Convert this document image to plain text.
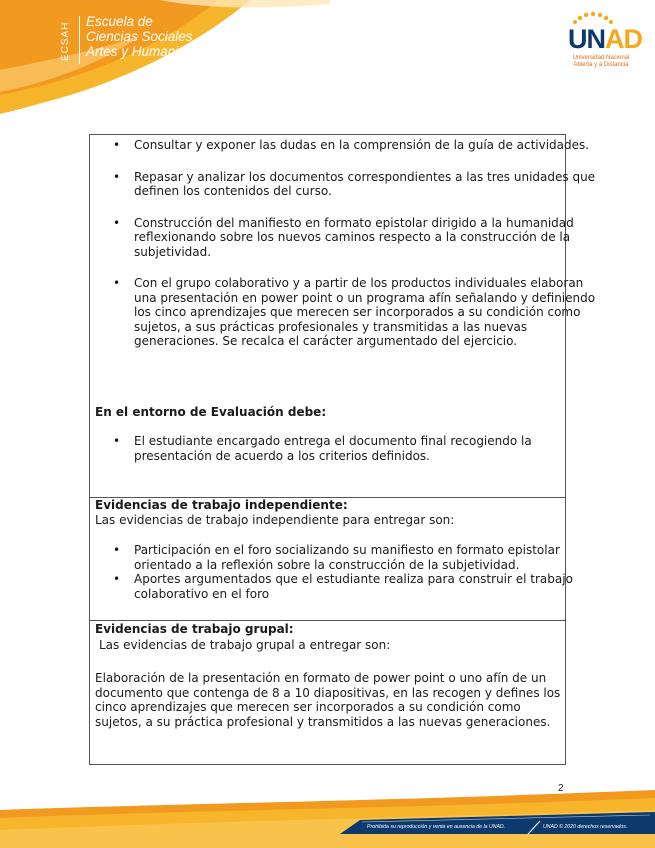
ECSAH	Escuela de
Ciencias Sociales
Artes y Humanidades	UNAD
Universidad Nacional
Abierta y a Distancia
• Consultar y exponer las dudas en la comprensión de la guía de actividades.
• Repasar y analizar los documentos correspondientes a las tres unidades que definen los contenidos del curso.
• Construcción del manifiesto en formato epistolar dirigido a la humanidad reflexionando sobre los nuevos caminos respecto a la construcción de la subjetividad.
• Con el grupo colaborativo y a partir de los productos individuales elaboran una presentación en power point o un programa afín señalando y definiendo los cinco aprendizajes que merecen ser incorporados a su condición como sujetos, a sus prácticas profesionales y transmitidas a las nuevas generaciones. Se recalca el carácter argumentado del ejercicio.
En el entorno de Evaluación debe:
• El estudiante encargado entrega el documento final recogiendo la presentación de acuerdo a los criterios definidos.
Evidencias de trabajo independiente:
Las evidencias de trabajo independiente para entregar son:
• Participación en el foro socializando su manifiesto en formato epistolar orientado a la reflexión sobre la construcción de la subjetividad.
• Aportes argumentados que el estudiante realiza para construir el trabajo colaborativo en el foro
Evidencias de trabajo grupal:
Las evidencias de trabajo grupal a entregar son:
Elaboración de la presentación en formato de power point o uno afín de un documento que contenga de 8 a 10 diapositivas, en las recogen y defines los cinco aprendizajes que merecen ser incorporados a su condición como sujetos, a su práctica profesional y transmitidos a las nuevas generaciones.
2
Prohibida su reproducción y venta en ausencia de la UNAD.	UNAD © 2020 derechos reservados.
